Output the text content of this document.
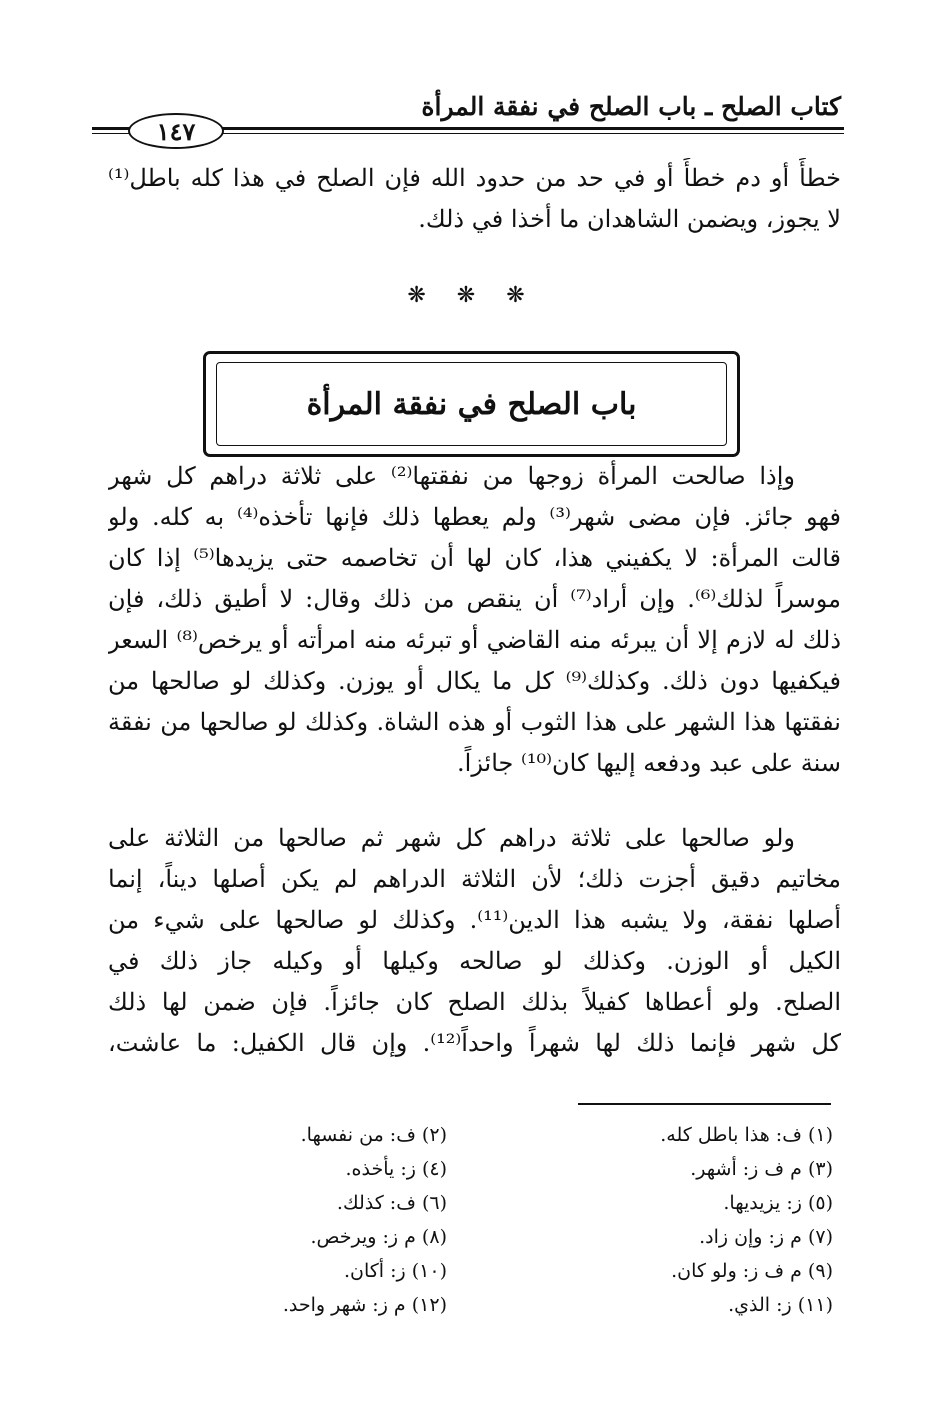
كتاب الصلح ـ باب الصلح في نفقة المرأة
١٤٧
خطأً أو دم خطأً أو في حد من حدود الله فإن الصلح في هذا كله باطل⁽¹⁾
لا يجوز، ويضمن الشاهدان ما أخذا في ذلك.
❋ ❋ ❋
باب الصلح في نفقة المرأة
وإذا صالحت المرأة زوجها من نفقتها⁽²⁾ على ثلاثة دراهم كل شهر
فهو جائز. فإن مضى شهر⁽³⁾ ولم يعطها ذلك فإنها تأخذه⁽⁴⁾ به كله. ولو
قالت المرأة: لا يكفيني هذا، كان لها أن تخاصمه حتى يزيدها⁽⁵⁾ إذا كان
موسراً لذلك⁽⁶⁾. وإن أراد⁽⁷⁾ أن ينقص من ذلك وقال: لا أطيق ذلك، فإن
ذلك له لازم إلا أن يبرئه منه القاضي أو تبرئه منه امرأته أو يرخص⁽⁸⁾ السعر
فيكفيها دون ذلك. وكذلك⁽⁹⁾ كل ما يكال أو يوزن. وكذلك لو صالحها من
نفقتها هذا الشهر على هذا الثوب أو هذه الشاة. وكذلك لو صالحها من نفقة
سنة على عبد ودفعه إليها كان⁽¹⁰⁾ جائزاً.
ولو صالحها على ثلاثة دراهم كل شهر ثم صالحها من الثلاثة على
مخاتيم دقيق أجزت ذلك؛ لأن الثلاثة الدراهم لم يكن أصلها ديناً، إنما
أصلها نفقة، ولا يشبه هذا الدين⁽¹¹⁾. وكذلك لو صالحها على شيء من
الكيل أو الوزن. وكذلك لو صالحه وكيلها أو وكيله جاز ذلك في
الصلح. ولو أعطاها كفيلاً بذلك الصلح كان جائزاً. فإن ضمن لها ذلك
كل شهر فإنما ذلك لها شهراً واحداً⁽¹²⁾. وإن قال الكفيل: ما عاشت،
(١) ف: هذا باطل كله.
(٣) م ف ز: أشهر.
(٥) ز: يزيديها.
(٧) م ز: وإن زاد.
(٩) م ف ز: ولو كان.
(١١) ز: الذي.
(٢) ف: من نفسها.
(٤) ز: يأخذه.
(٦) ف: كذلك.
(٨) م ز: ويرخص.
(١٠) ز: أكان.
(١٢) م ز: شهر واحد.
